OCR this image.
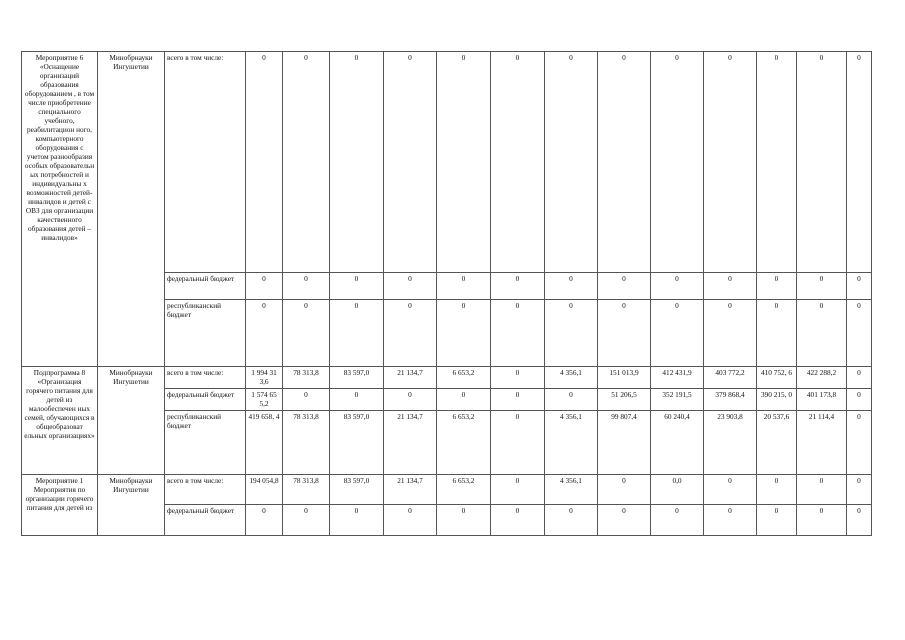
Мероприятие 6 «Оснащение организаций образования оборудованием , в том числе приобретение специального учебного, реабилитацион ного, компьютерного оборудования с учетом разнообразия особых образовательн ых потребностей и индивидуальны х возможностей детей-инвалидов и детей с ОВЗ для организации качественного образования детей – инвалидов»	Минобрнауки Ингушетии	всего в том числе:	0	0	0	0	0	0	0	0	0	0	0	0	0
		федеральный бюджет	0	0	0	0	0	0	0	0	0	0	0	0	0
		республиканский бюджет	0	0	0	0	0	0	0	0	0	0	0	0	0
Подпрограмма 8 «Организация горячего питания для детей из малообеспечен ных семей, обучающихся в общеобразоват ельных организациях»	Минобрнауки Ингушетии	всего в том числе:	1 994 31 3,6	78 313,8	83 597,0	21 134,7	6 653,2	0	4 356,1	151 013,9	412 431,9	403 772,2	410 752, 6	422 288,2	0
		федеральный бюджет	1 574 65 5,2	0	0	0	0	0	0	51 206,5	352 191,5	379 868,4	390 215, 0	401 173,8	0
		республиканский бюджет	419 658, 4	78 313,8	83 597,0	21 134,7	6 653,2	0	4 356,1	99 807,4	60 240,4	23 903,8	20 537,6	21 114,4	0
Мероприятие 1 Мероприятия по организации горячего питания для детей из	Минобрнауки Ингушетии	всего в том числе:	194 054,8	78 313,8	83 597,0	21 134,7	6 653,2	0	4 356,1	0	0,0	0	0	0	0
		федеральный бюджет	0	0	0	0	0	0	0	0	0	0	0	0	0
